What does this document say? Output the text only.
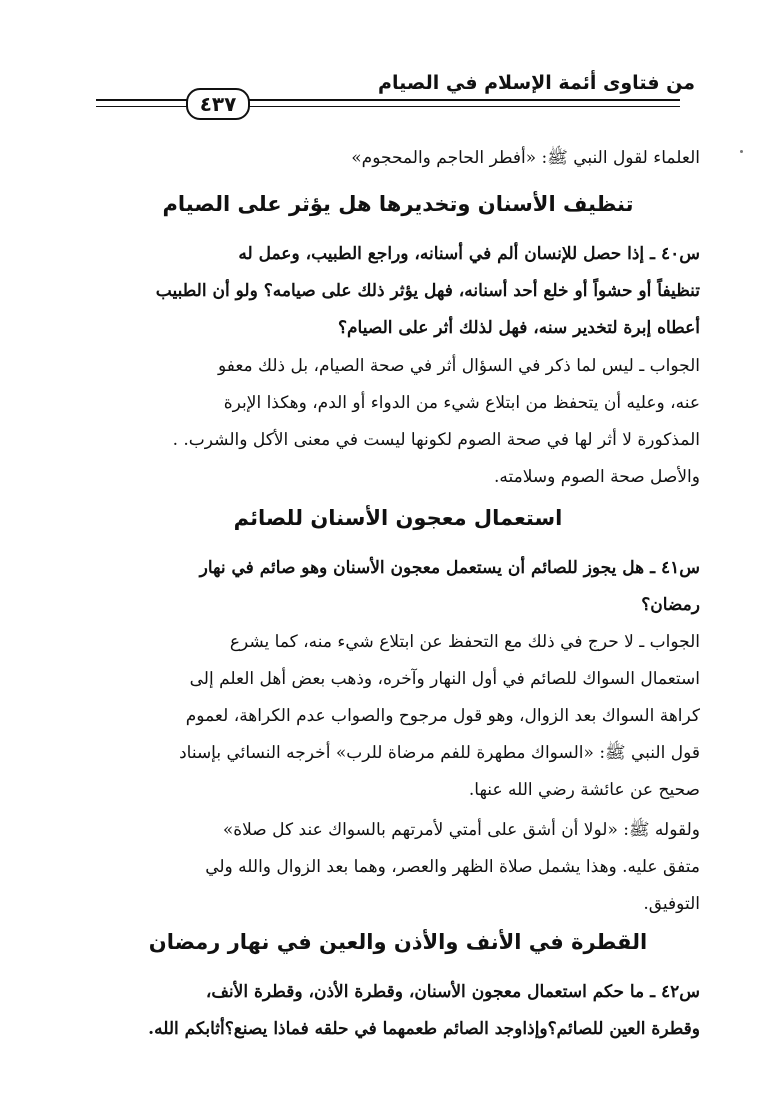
من فتاوى أئمة الإسلام في الصيام
٤٣٧
العلماء لقول النبي ﷺ: «أفطر الحاجم والمحجوم»
تنظيف الأسنان وتخديرها هل يؤثر على الصيام
س٤٠ ـ إذا حصل للإنسان ألم في أسنانه، وراجع الطبيب، وعمل له
تنظيفاً أو حشواً أو خلع أحد أسنانه، فهل يؤثر ذلك على صيامه؟ ولو أن الطبيب
أعطاه إبرة لتخدير سنه، فهل لذلك أثر على الصيام؟
الجواب ـ ليس لما ذكر في السؤال أثر في صحة الصيام، بل ذلك معفو
عنه، وعليه أن يتحفظ من ابتلاع شيء من الدواء أو الدم، وهكذا الإبرة
المذكورة لا أثر لها في صحة الصوم لكونها ليست في معنى الأكل والشرب. .
والأصل صحة الصوم وسلامته.
استعمال معجون الأسنان للصائم
س٤١ ـ هل يجوز للصائم أن يستعمل معجون الأسنان وهو صائم في نهار
رمضان؟
الجواب ـ لا حرج في ذلك مع التحفظ عن ابتلاع شيء منه، كما يشرع
استعمال السواك للصائم في أول النهار وآخره، وذهب بعض أهل العلم إلى
كراهة السواك بعد الزوال، وهو قول مرجوح والصواب عدم الكراهة، لعموم
قول النبي ﷺ: «السواك مطهرة للفم مرضاة للرب» أخرجه النسائي بإسناد
صحيح عن عائشة رضي الله عنها.
ولقوله ﷺ: «لولا أن أشق على أمتي لأمرتهم بالسواك عند كل صلاة»
متفق عليه. وهذا يشمل صلاة الظهر والعصر، وهما بعد الزوال والله ولي
التوفيق.
القطرة في الأنف والأذن والعين في نهار رمضان
س٤٢ ـ ما حكم استعمال معجون الأسنان، وقطرة الأذن، وقطرة الأنف،
وقطرة العين للصائم؟وإذاوجد الصائم طعمهما في حلقه فماذا يصنع؟أثابكم الله.
